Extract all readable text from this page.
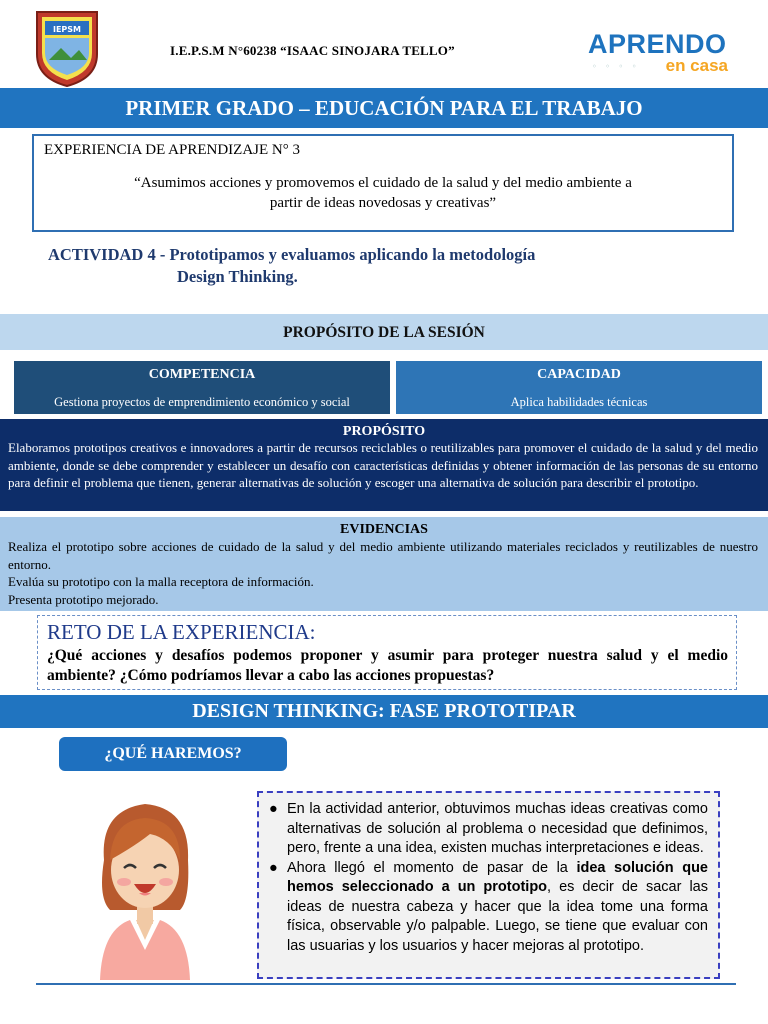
IEPSM
I.E.P.S.M N°60238 “ISAAC SINOJARA TELLO”	APRENDO
◦ ◦ ◦ ◦ en casa
PRIMER GRADO – EDUCACIÓN PARA EL TRABAJO
EXPERIENCIA DE APRENDIZAJE N° 3
“Asumimos acciones y promovemos el cuidado de la salud y del medio ambiente a partir de ideas novedosas y creativas”
ACTIVIDAD 4 - Prototipamos y evaluamos aplicando la metodología
Design Thinking.
PROPÓSITO DE LA SESIÓN
COMPETENCIA
Gestiona proyectos de emprendimiento económico y social
CAPACIDAD
Aplica habilidades técnicas
PROPÓSITO
Elaboramos prototipos creativos e innovadores a partir de recursos reciclables o reutilizables para promover el cuidado de la salud y del medio ambiente, donde se debe comprender y establecer un desafío con características definidas y obtener información de las personas de su entorno para definir el problema que tienen, generar alternativas de solución y escoger una alternativa de solución para describir el prototipo.
EVIDENCIAS
Realiza el prototipo sobre acciones de cuidado de la salud y del medio ambiente utilizando materiales reciclados y reutilizables de nuestro entorno.
Evalúa su prototipo con la malla receptora de información.
Presenta prototipo mejorado.
RETO DE LA EXPERIENCIA:
¿Qué acciones y desafíos podemos proponer y asumir para proteger nuestra salud y el medio ambiente? ¿Cómo podríamos llevar a cabo las acciones propuestas?
DESIGN THINKING: FASE PROTOTIPAR
¿QUÉ HAREMOS?
● En la actividad anterior, obtuvimos muchas ideas creativas como alternativas de solución al problema o necesidad que definimos, pero, frente a una idea, existen muchas interpretaciones e ideas.
● Ahora llegó el momento de pasar de la idea solución que hemos seleccionado a un prototipo, es decir de sacar las ideas de nuestra cabeza y hacer que la idea tome una forma física, observable y/o palpable. Luego, se tiene que evaluar con las usuarias y los usuarios y hacer mejoras al prototipo.
